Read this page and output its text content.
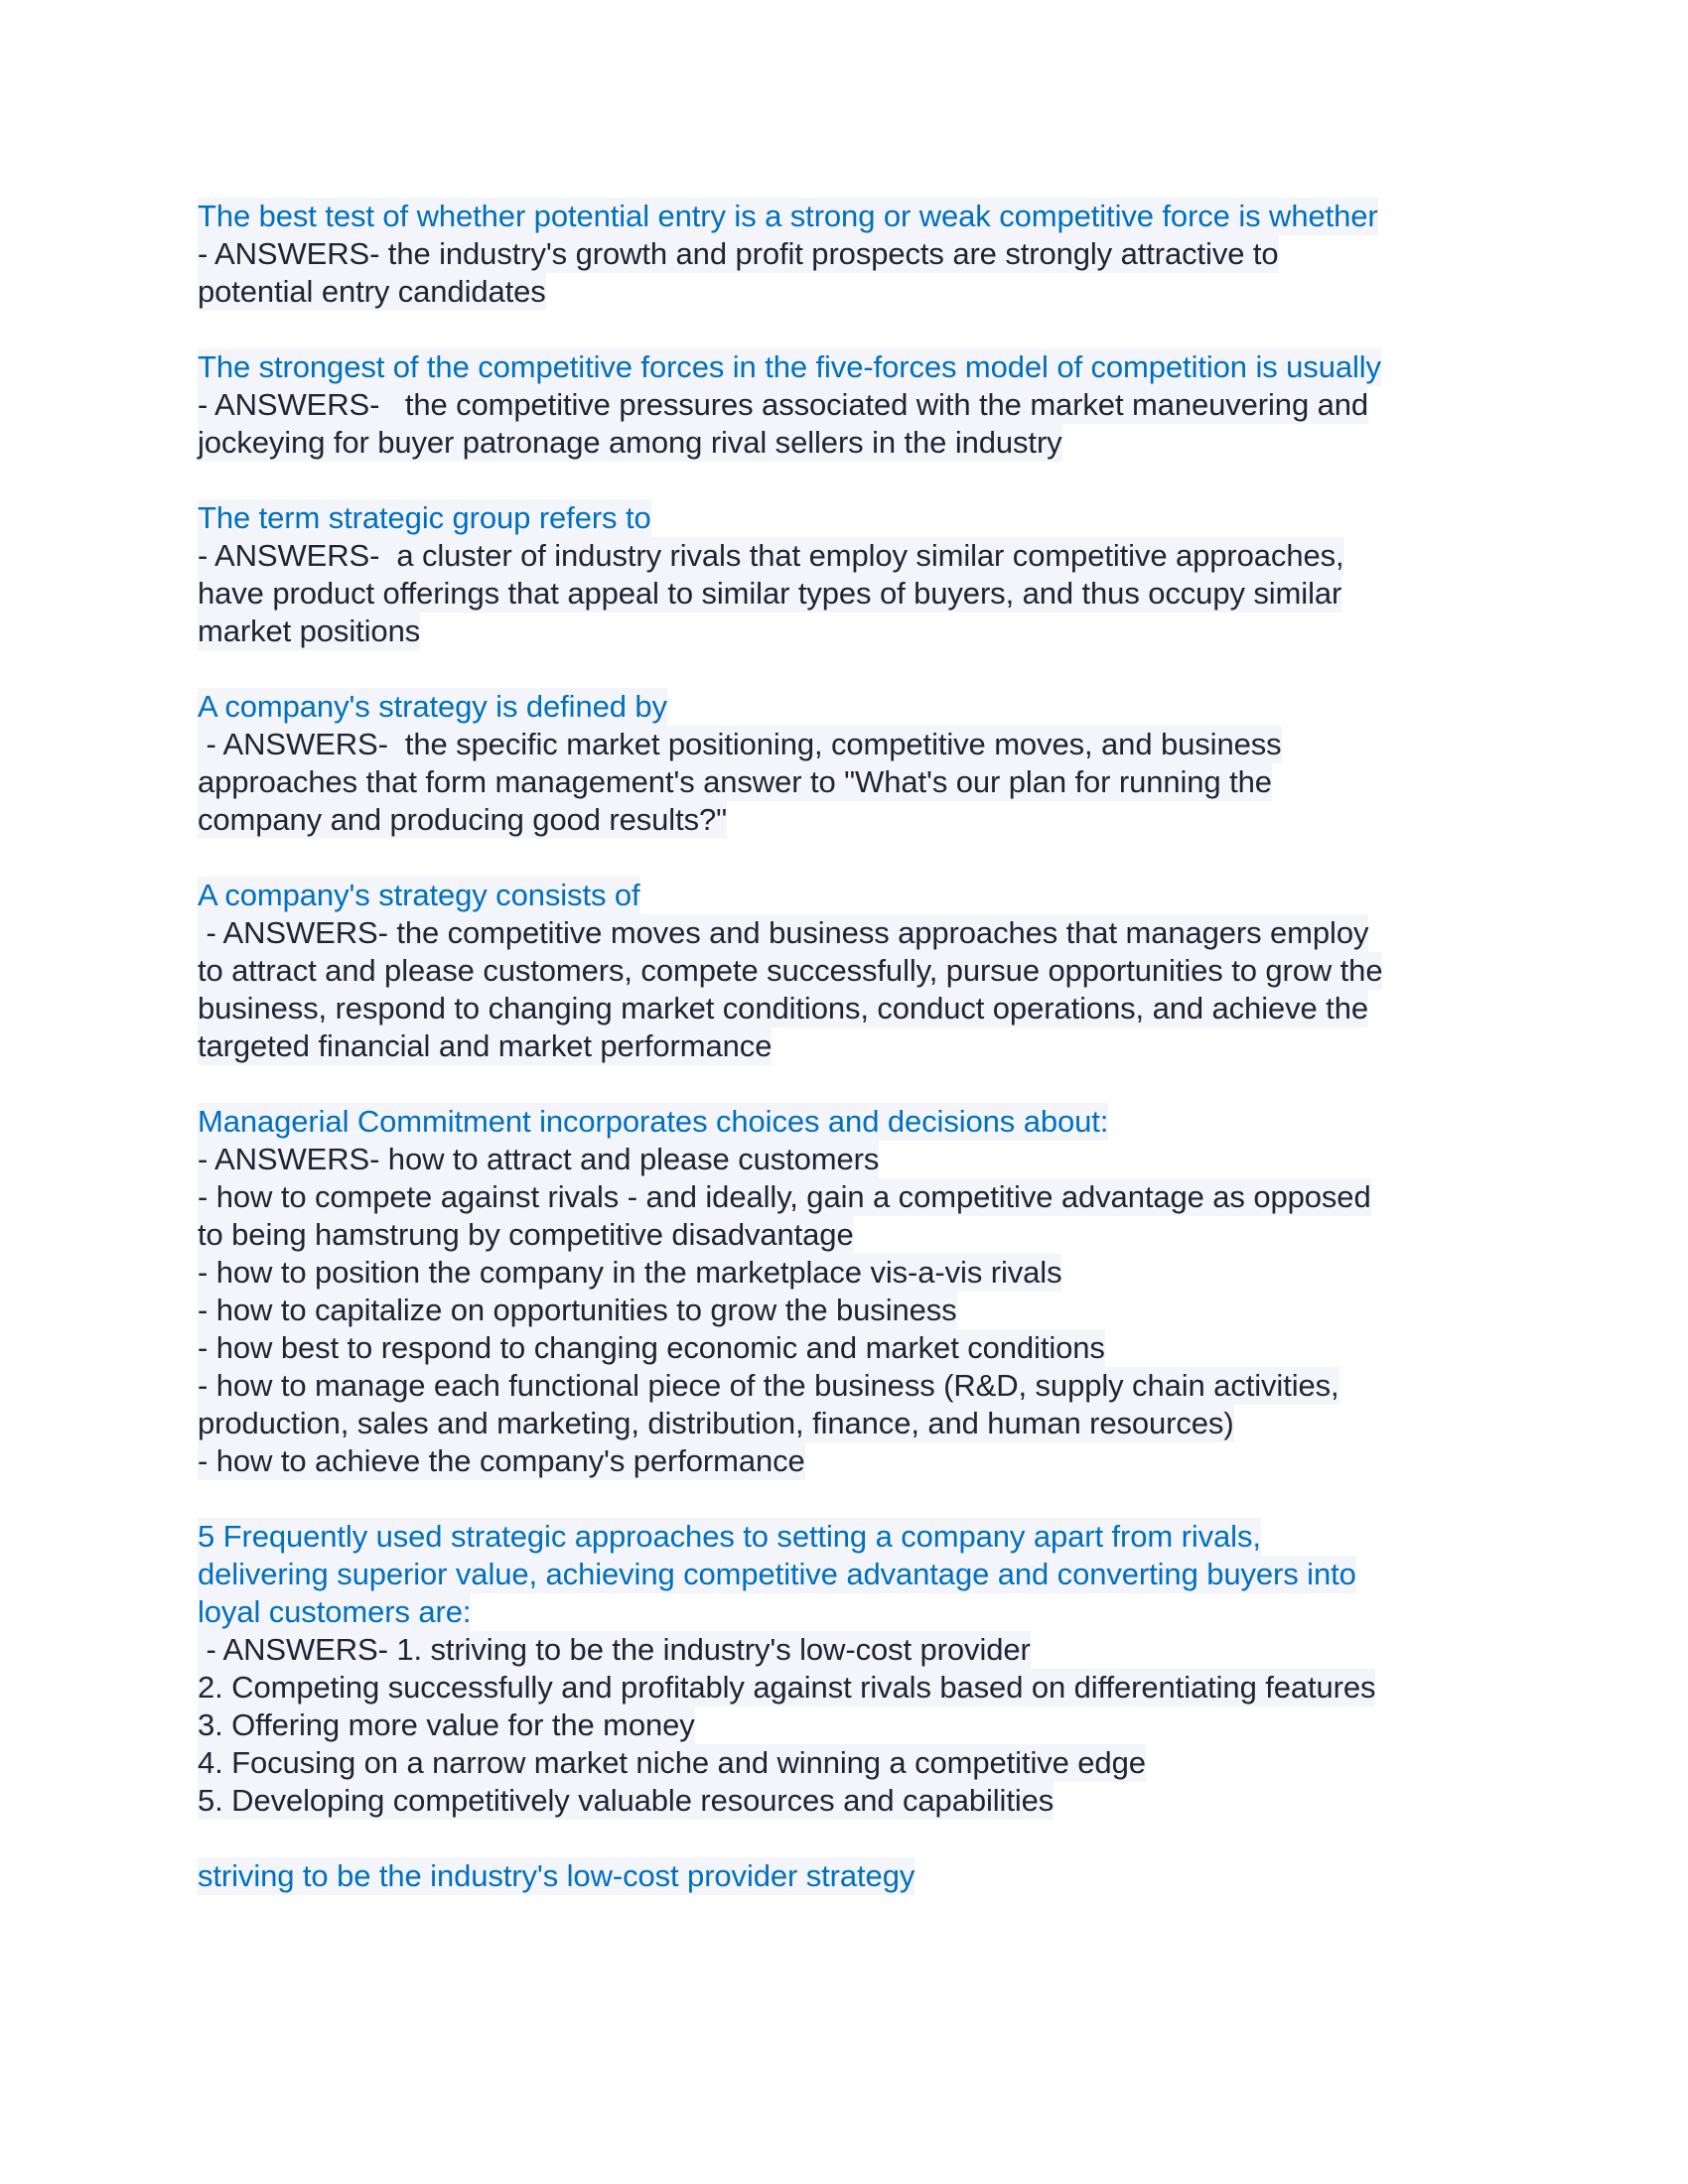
The best test of whether potential entry is a strong or weak competitive force is whether
- ANSWERS- the industry's growth and profit prospects are strongly attractive to
potential entry candidates
The strongest of the competitive forces in the five-forces model of competition is usually
- ANSWERS-   the competitive pressures associated with the market maneuvering and
jockeying for buyer patronage among rival sellers in the industry
The term strategic group refers to
- ANSWERS-  a cluster of industry rivals that employ similar competitive approaches,
have product offerings that appeal to similar types of buyers, and thus occupy similar
market positions
A company's strategy is defined by
- ANSWERS-  the specific market positioning, competitive moves, and business
approaches that form management's answer to "What's our plan for running the
company and producing good results?"
A company's strategy consists of
- ANSWERS- the competitive moves and business approaches that managers employ
to attract and please customers, compete successfully, pursue opportunities to grow the
business, respond to changing market conditions, conduct operations, and achieve the
targeted financial and market performance
Managerial Commitment incorporates choices and decisions about:
- ANSWERS- how to attract and please customers
- how to compete against rivals - and ideally, gain a competitive advantage as opposed
to being hamstrung by competitive disadvantage
- how to position the company in the marketplace vis-a-vis rivals
- how to capitalize on opportunities to grow the business
- how best to respond to changing economic and market conditions
- how to manage each functional piece of the business (R&D, supply chain activities,
production, sales and marketing, distribution, finance, and human resources)
- how to achieve the company's performance
5 Frequently used strategic approaches to setting a company apart from rivals,
delivering superior value, achieving competitive advantage and converting buyers into
loyal customers are:
- ANSWERS- 1. striving to be the industry's low-cost provider
2. Competing successfully and profitably against rivals based on differentiating features
3. Offering more value for the money
4. Focusing on a narrow market niche and winning a competitive edge
5. Developing competitively valuable resources and capabilities
striving to be the industry's low-cost provider strategy
